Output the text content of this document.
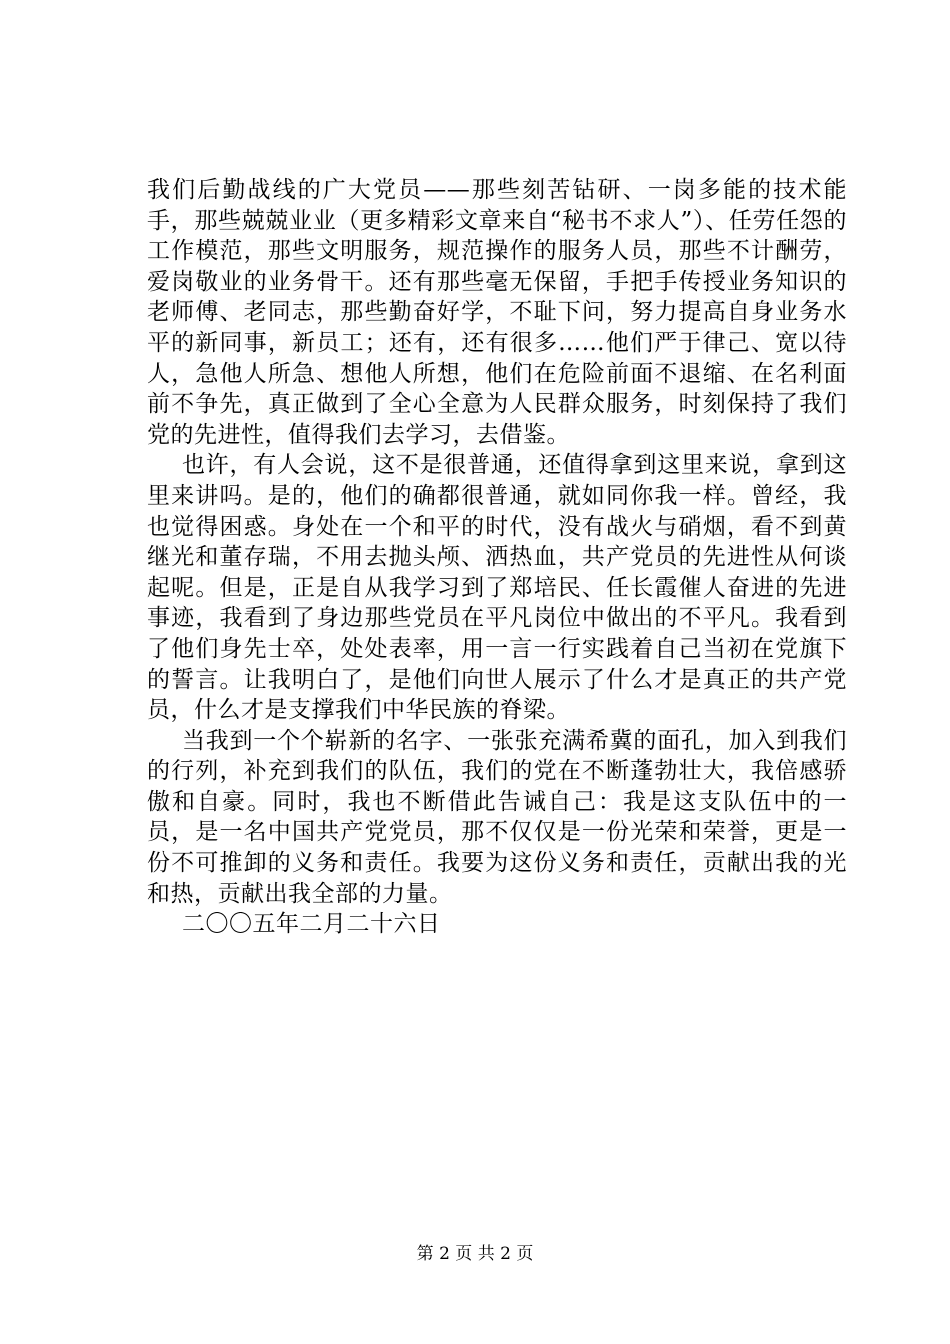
我们后勤战线的广大党员——那些刻苦钻研、一岗多能的技术能手，那些兢兢业业（更多精彩文章来自“秘书不求人”）、任劳任怨的工作模范，那些文明服务，规范操作的服务人员，那些不计酬劳，爱岗敬业的业务骨干。还有那些毫无保留，手把手传授业务知识的老师傅、老同志，那些勤奋好学，不耻下问，努力提高自身业务水平的新同事，新员工；还有，还有很多……他们严于律己、宽以待人，急他人所急、想他人所想，他们在危险前面不退缩、在名利面前不争先，真正做到了全心全意为人民群众服务，时刻保持了我们党的先进性，值得我们去学习，去借鉴。

也许，有人会说，这不是很普通，还值得拿到这里来说，拿到这里来讲吗。是的，他们的确都很普通，就如同你我一样。曾经，我也觉得困惑。身处在一个和平的时代，没有战火与硝烟，看不到黄继光和董存瑞，不用去抛头颅、洒热血，共产党员的先进性从何谈起呢。但是，正是自从我学习到了郑培民、任长霞催人奋进的先进事迹，我看到了身边那些党员在平凡岗位中做出的不平凡。我看到了他们身先士卒，处处表率，用一言一行实践着自己当初在党旗下的誓言。让我明白了，是他们向世人展示了什么才是真正的共产党员，什么才是支撑我们中华民族的脊梁。

当我到一个个崭新的名字、一张张充满希冀的面孔，加入到我们的行列，补充到我们的队伍，我们的党在不断蓬勃壮大，我倍感骄傲和自豪。同时，我也不断借此告诫自己：我是这支队伍中的一员，是一名中国共产党党员，那不仅仅是一份光荣和荣誉，更是一份不可推卸的义务和责任。我要为这份义务和责任，贡献出我的光和热，贡献出我全部的力量。

二〇〇五年二月二十六日

第 2 页 共 2 页
